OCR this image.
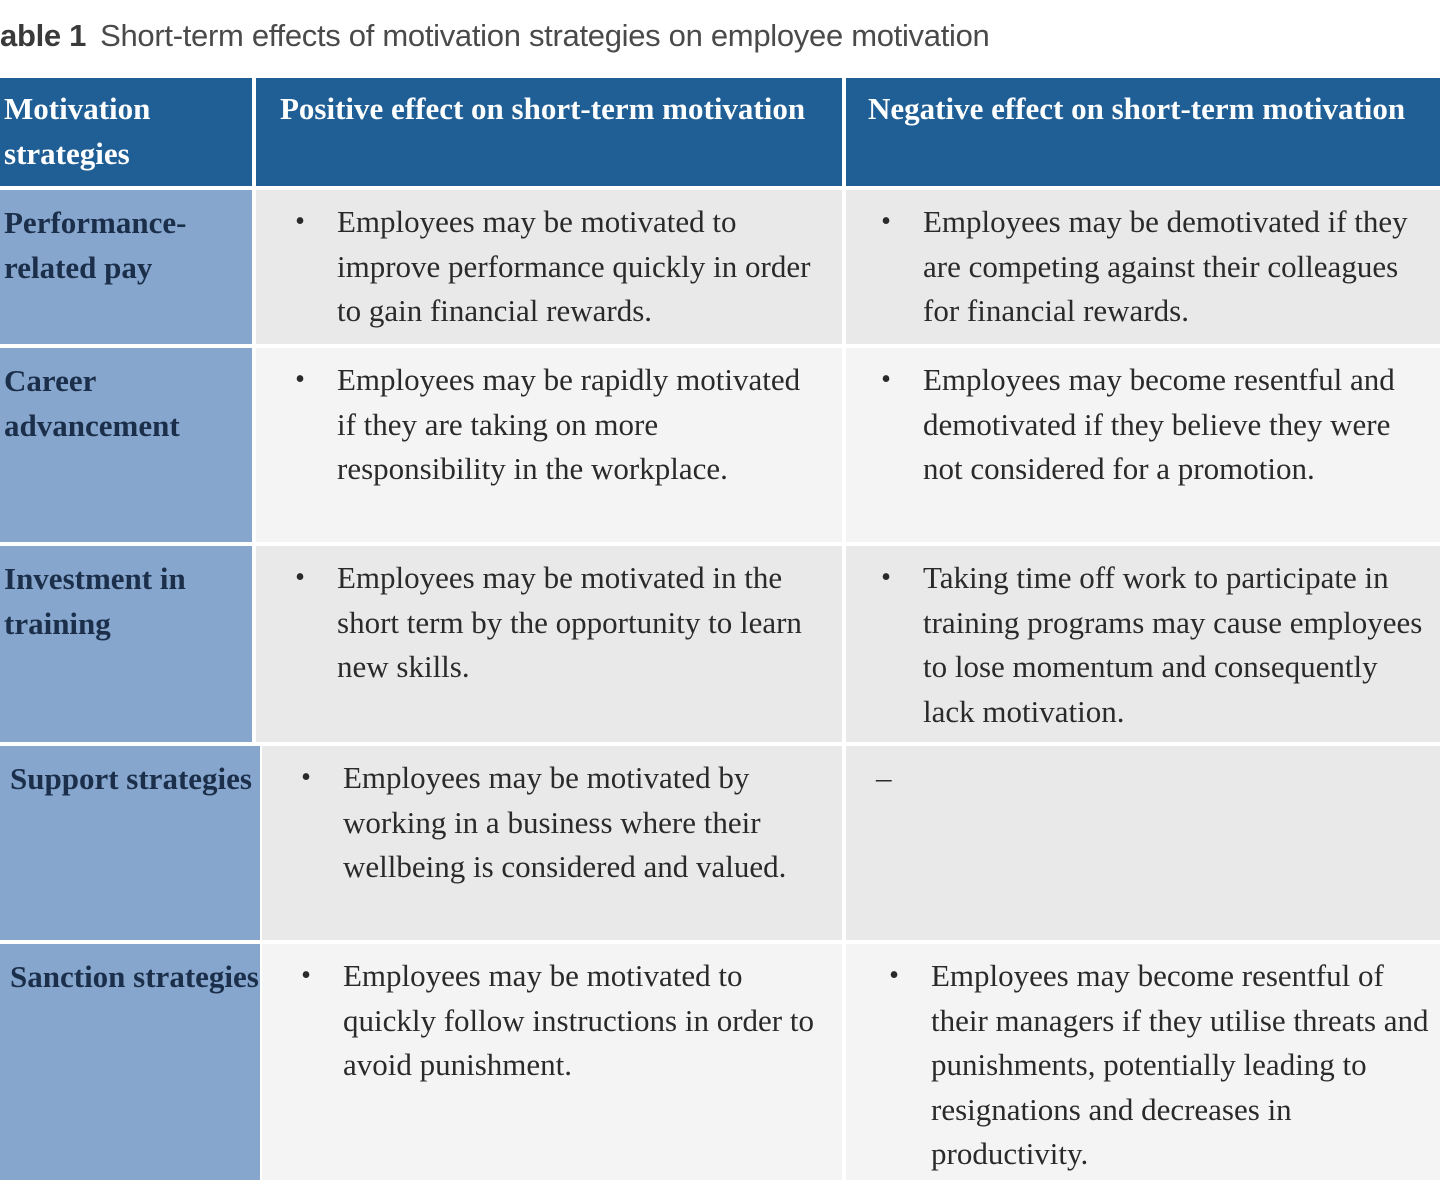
able 1 Short-term effects of motivation strategies on employee motivation
Motivation strategies
Positive effect on short-term motivation	Negative effect on short-term motivation
Performance-related pay
• Employees may be motivated to improve performance quickly in order to gain financial rewards.
• Employees may be demotivated if they are competing against their colleagues for financial rewards.
Career advancement
• Employees may be rapidly motivated if they are taking on more responsibility in the workplace.
• Employees may become resentful and demotivated if they believe they were not considered for a promotion.
Investment in training
• Employees may be motivated in the short term by the opportunity to learn new skills.
• Taking time off work to participate in training programs may cause employees to lose momentum and consequently lack motivation.
Support strategies • Employees may be motivated by working in a business where their wellbeing is considered and valued.
–
Sanction strategies • Employees may be motivated to quickly follow instructions in order to avoid punishment.
• Employees may become resentful of their managers if they utilise threats and punishments, potentially leading to resignations and decreases in productivity.
